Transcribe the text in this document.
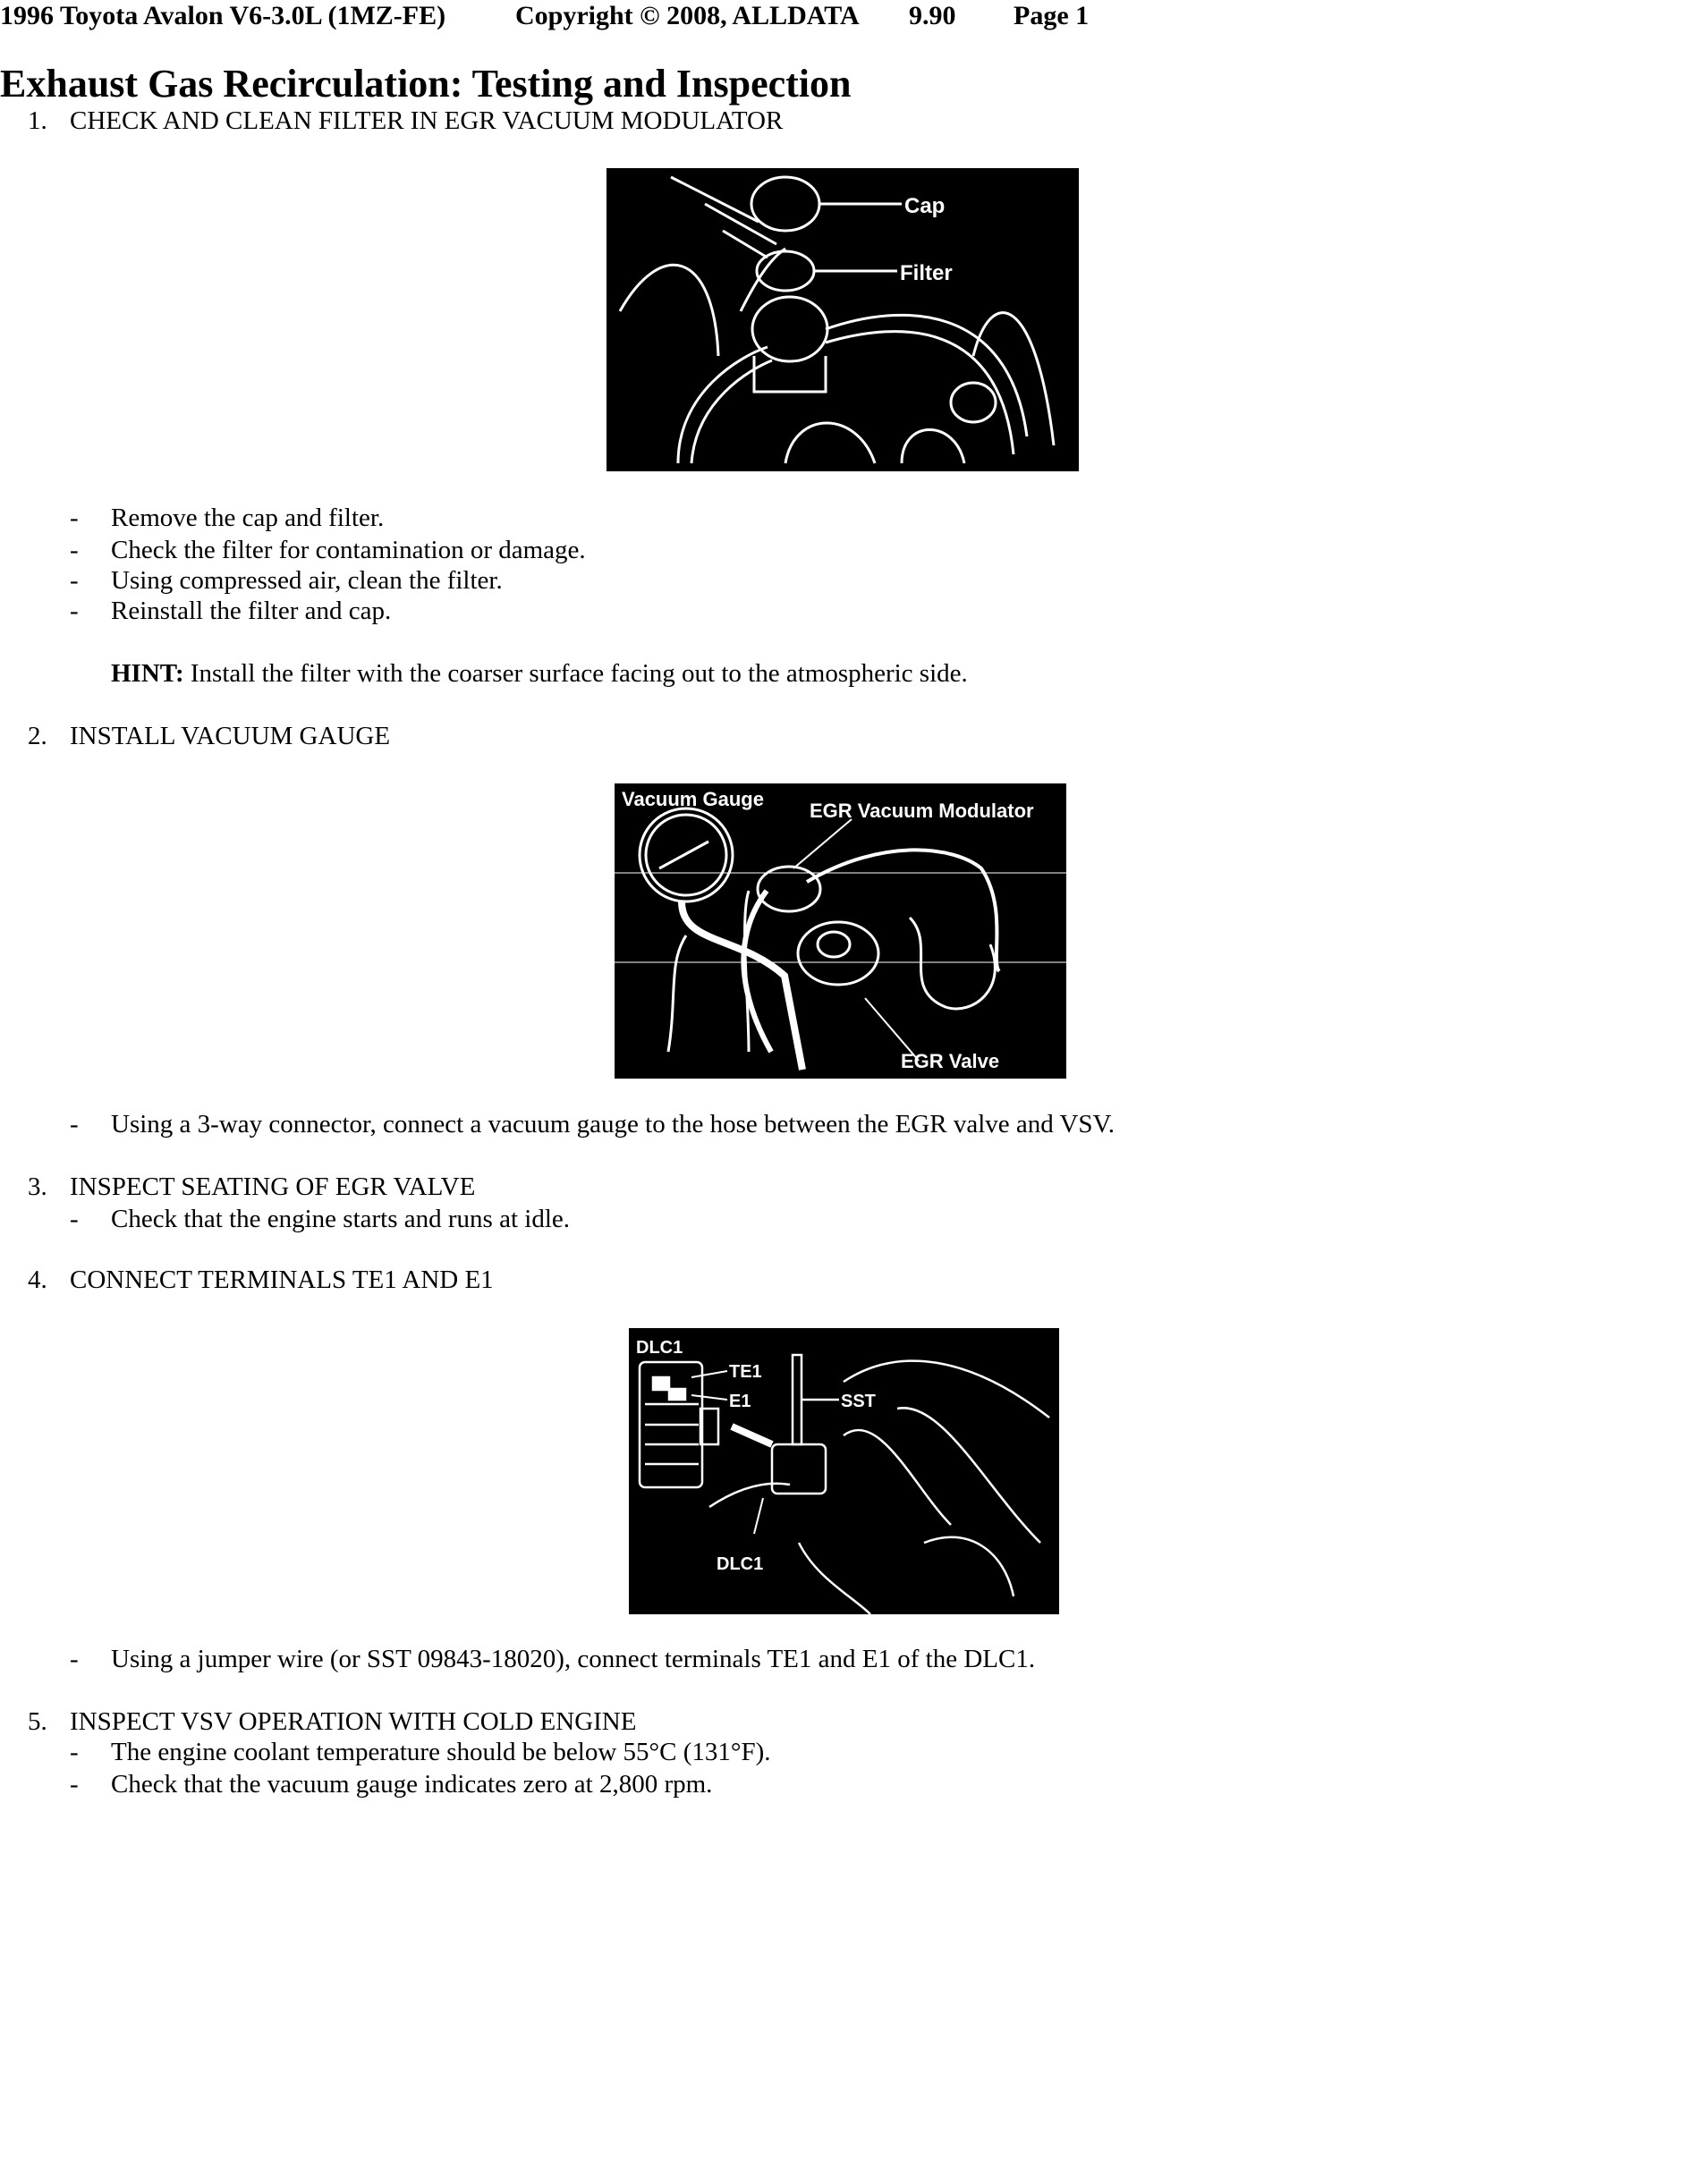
1996 Toyota Avalon V6-3.0L (1MZ-FE)	Copyright © 2008, ALLDATA 9.90 Page 1
Exhaust Gas Recirculation: Testing and Inspection
1. CHECK AND CLEAN FILTER IN EGR VACUUM MODULATOR
Cap
Filter
- Remove the cap and filter.
- Check the filter for contamination or damage.
- Using compressed air, clean the filter.
- Reinstall the filter and cap.
HINT: Install the filter with the coarser surface facing out to the atmospheric side.
2. INSTALL VACUUM GAUGE
Vacuum Gauge
EGR Vacuum Modulator
EGR Valve
- Using a 3-way connector, connect a vacuum gauge to the hose between the EGR valve and VSV.
3. INSPECT SEATING OF EGR VALVE
- Check that the engine starts and runs at idle.
4. CONNECT TERMINALS TE1 AND E1
DLC1
TE1
E1	SST
DLC1
- Using a jumper wire (or SST 09843-18020), connect terminals TE1 and E1 of the DLC1.
5. INSPECT VSV OPERATION WITH COLD ENGINE
- The engine coolant temperature should be below 55°C (131°F).
- Check that the vacuum gauge indicates zero at 2,800 rpm.
